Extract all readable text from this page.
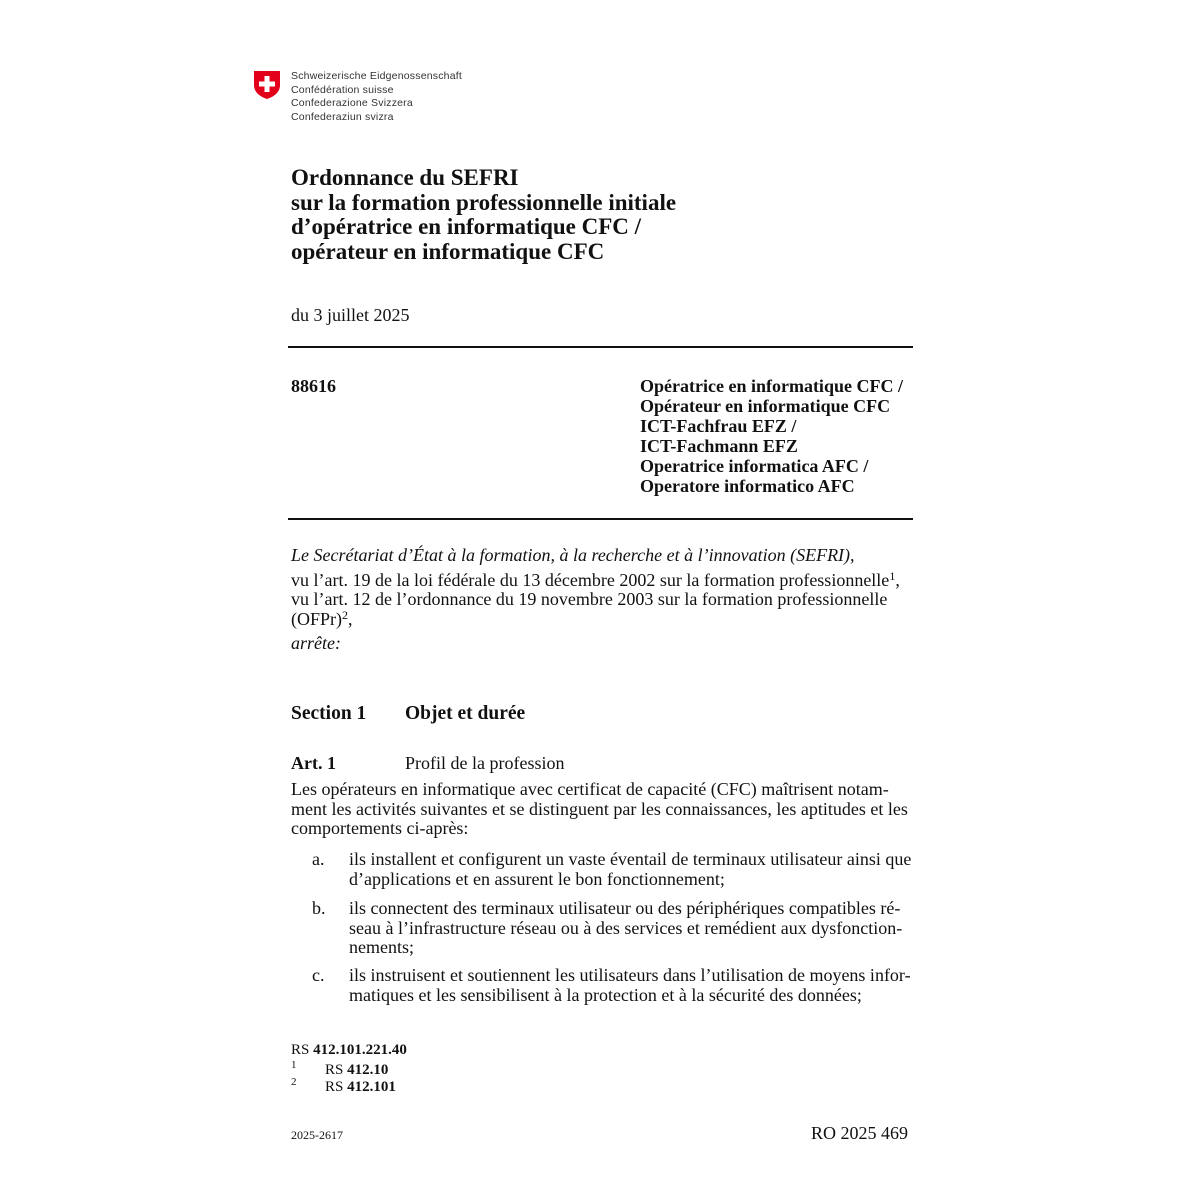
Schweizerische Eidgenossenschaft
Confédération suisse
Confederazione Svizzera
Confederaziun svizra
Ordonnance du SEFRI
sur la formation professionnelle initiale
d’opératrice en informatique CFC /
opérateur en informatique CFC
du 3 juillet 2025
88616	Opératrice en informatique CFC /
Opérateur en informatique CFC
ICT-Fachfrau EFZ /
ICT-Fachmann EFZ
Operatrice informatica AFC /
Operatore informatico AFC

Le Secrétariat d’État à la formation, à la recherche et à l’innovation (SEFRI),

vu l’art. 19 de la loi fédérale du 13 décembre 2002 sur la formation professionnelle$^1$,

vu l’art. 12 de l’ordonnance du 19 novembre 2003 sur la formation professionnelle

(OFPr)$^2$,

arrête:

Section 1 Objet et durée
Art. 1	Profil de la profession
Les opérateurs en informatique avec certificat de capacité (CFC) maîtrisent notam-
ment les activités suivantes et se distinguent par les connaissances, les aptitudes et les
comportements ci-après:
a. ils installent et configurent un vaste éventail de terminaux utilisateur ainsi que
d’applications et en assurent le bon fonctionnement;
b. ils connectent des terminaux utilisateur ou des périphériques compatibles ré-
seau à l’infrastructure réseau ou à des services et remédient aux dysfonction-
nements;
c. ils instruisent et soutiennent les utilisateurs dans l’utilisation de moyens infor-
matiques et les sensibilisent à la protection et à la sécurité des données;
RS 412.101.221.40
1 RS 412.10
2 RS 412.101
2025-2617	RO 2025 469
